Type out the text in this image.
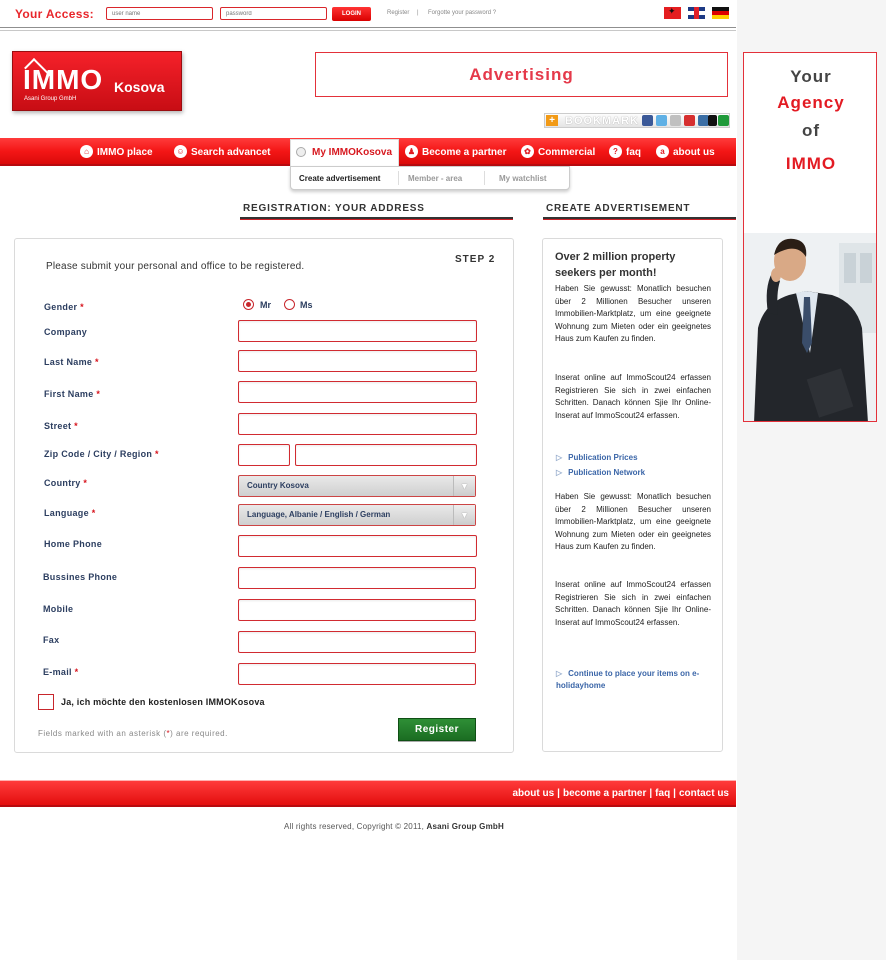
Your Access:
user name
password	LOGIN	Register | Forgotte your password ?
✦
IMMO Kosova
Asani Group GmbH
Advertising
+ BOOKMARK
⌂ IMMO place	☺ Search advancet	My IMMOKosova	♟ Become a partner	✿ Commercial	? faq	a about us
Create advertisement	Member - area	My watchlist
REGISTRATION: YOUR ADDRESS	CREATE ADVERTISEMENT
Please submit your personal and office to be registered.
STEP 2
Gender *	Mr	Ms
Company
Last Name *
First Name *
Street *
Zip Code / City / Region *
Country *	Country Kosova	▼
Language *	Language, Albanie / English / German	▼
Home Phone
Bussines Phone
Mobile
Fax
E-mail *
Ja, ich möchte den kostenlosen IMMOKosova
Fields marked with an asterisk (*) are required.	Register
Over 2 million property seekers per month!
Haben Sie gewusst: Monatlich besuchen über 2 Millionen Besucher unseren Immobilien-Marktplatz, um eine geeignete Wohnung zum Mieten oder ein geeignetes Haus zum Kaufen zu finden.
Inserat online auf ImmoScout24 erfassen Registrieren Sie sich in zwei einfachen Schritten. Danach können Sjie Ihr Online-Inserat auf ImmoScout24 erfassen.
▷ Publication Prices
▷ Publication Network
Haben Sie gewusst: Monatlich besuchen über 2 Millionen Besucher unseren Immobilien-Marktplatz, um eine geeignete Wohnung zum Mieten oder ein geeignetes Haus zum Kaufen zu finden.
Inserat online auf ImmoScout24 erfassen Registrieren Sie sich in zwei einfachen Schritten. Danach können Sjie Ihr Online-Inserat auf ImmoScout24 erfassen.
▷ Continue to place your items on e-holidayhome
Your
Agency
of
IMMO
about us | become a partner | faq | contact us
All rights reserved, Copyright © 2011, Asani Group GmbH
